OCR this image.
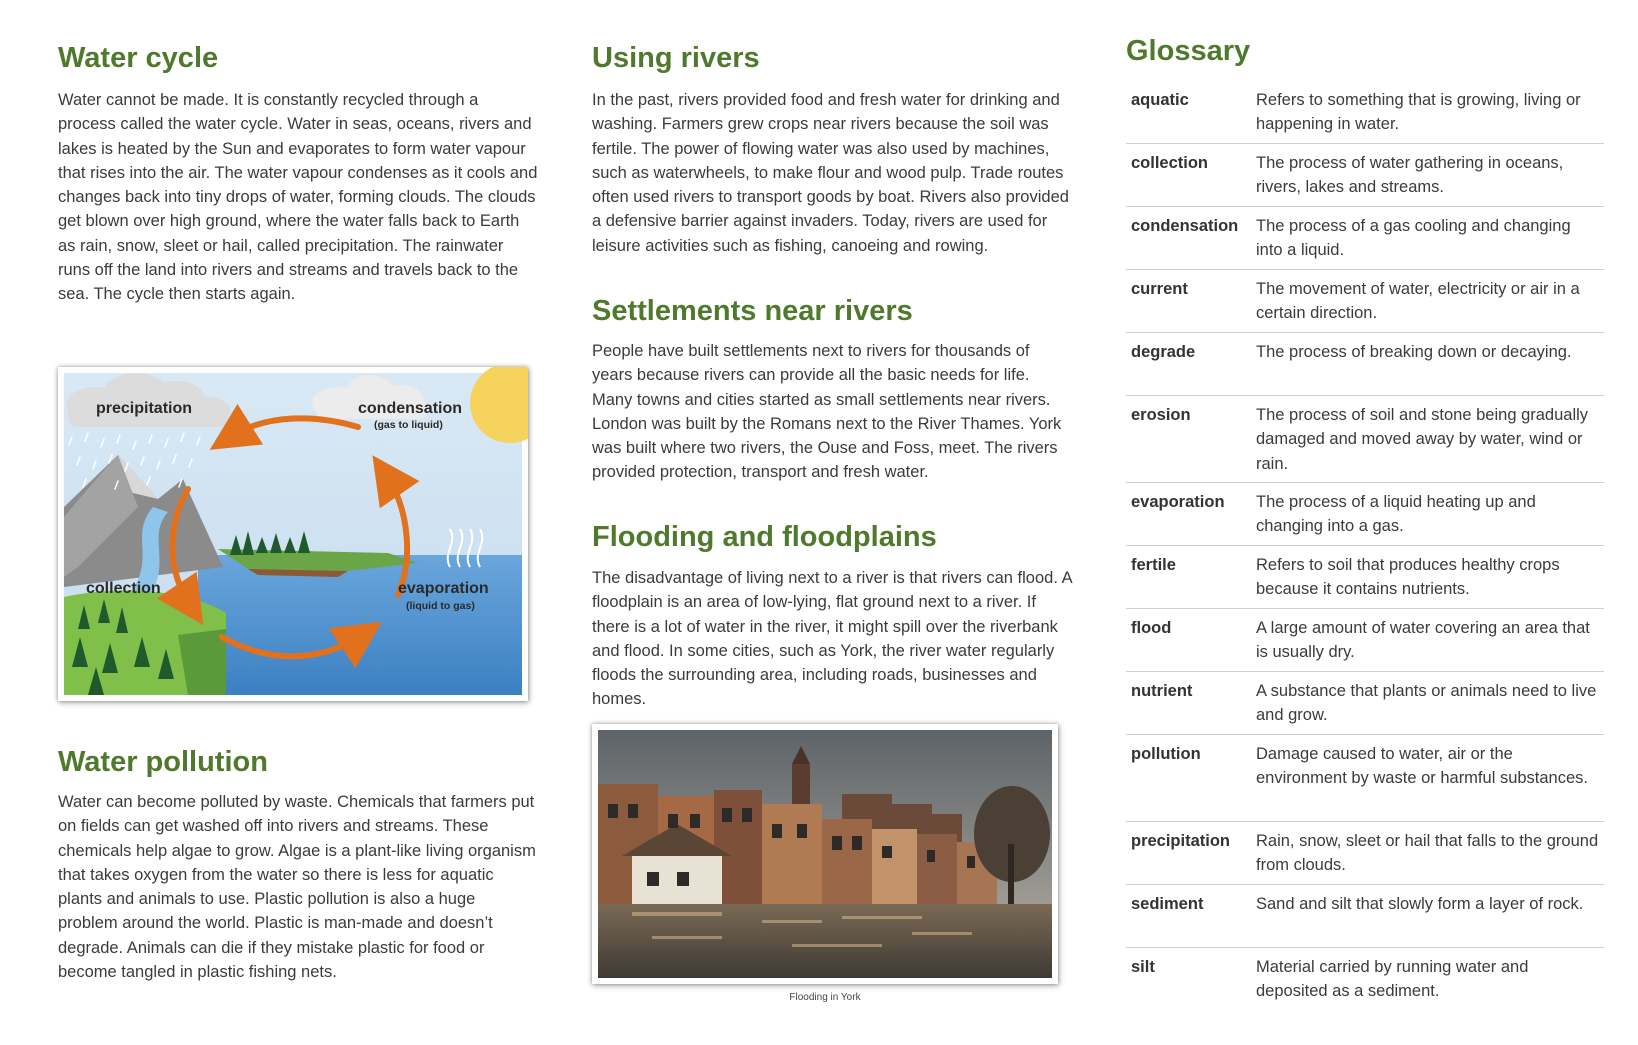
Water cycle

Water cannot be made. It is constantly recycled through a process called the water cycle. Water in seas, oceans, rivers and lakes is heated by the Sun and evaporates to form water vapour that rises into the air. The water vapour condenses as it cools and changes back into tiny drops of water, forming clouds. The clouds get blown over high ground, where the water falls back to Earth as rain, snow, sleet or hail, called precipitation. The rainwater runs off the land into rivers and streams and travels back to the sea. The cycle then starts again.

precipitation	condensation
(gas to liquid)
collection	evaporation
(liquid to gas)
Water pollution

Water can become polluted by waste. Chemicals that farmers put on fields can get washed off into rivers and streams. These chemicals help algae to grow. Algae is a plant-like living organism that takes oxygen from the water so there is less for aquatic plants and animals to use. Plastic pollution is also a huge problem around the world. Plastic is man-made and doesn’t degrade. Animals can die if they mistake plastic for food or become tangled in plastic fishing nets.

Using rivers

In the past, rivers provided food and fresh water for drinking and washing. Farmers grew crops near rivers because the soil was fertile. The power of flowing water was also used by machines, such as waterwheels, to make flour and wood pulp. Trade routes often used rivers to transport goods by boat. Rivers also provided a defensive barrier against invaders. Today, rivers are used for leisure activities such as fishing, canoeing and rowing.

Settlements near rivers

People have built settlements next to rivers for thousands of years because rivers can provide all the basic needs for life. Many towns and cities started as small settlements near rivers. London was built by the Romans next to the River Thames. York was built where two rivers, the Ouse and Foss, meet. The rivers provided protection, transport and fresh water.

Flooding and floodplains

The disadvantage of living next to a river is that rivers can flood. A floodplain is an area of low-lying, flat ground next to a river. If there is a lot of water in the river, it might spill over the riverbank and flood. In some cities, such as York, the river water regularly floods the surrounding area, including roads, businesses and homes.

Flooding in York
Glossary
aquatic	Refers to something that is growing, living or happening in water.
collection	The process of water gathering in oceans, rivers, lakes and streams.
condensation The process of a gas cooling and changing into a liquid.
current	The movement of water, electricity or air in a certain direction.
degrade	The process of breaking down or decaying.
erosion	The process of soil and stone being gradually damaged and moved away by water, wind or rain.
evaporation The process of a liquid heating up and changing into a gas.
fertile	Refers to soil that produces healthy crops because it contains nutrients.
flood	A large amount of water covering an area that is usually dry.
nutrient	A substance that plants or animals need to live and grow.
pollution	Damage caused to water, air or the environment by waste or harmful substances.
precipitation Rain, snow, sleet or hail that falls to the ground from clouds.
sediment	Sand and silt that slowly form a layer of rock.
silt	Material carried by running water and deposited as a sediment.
